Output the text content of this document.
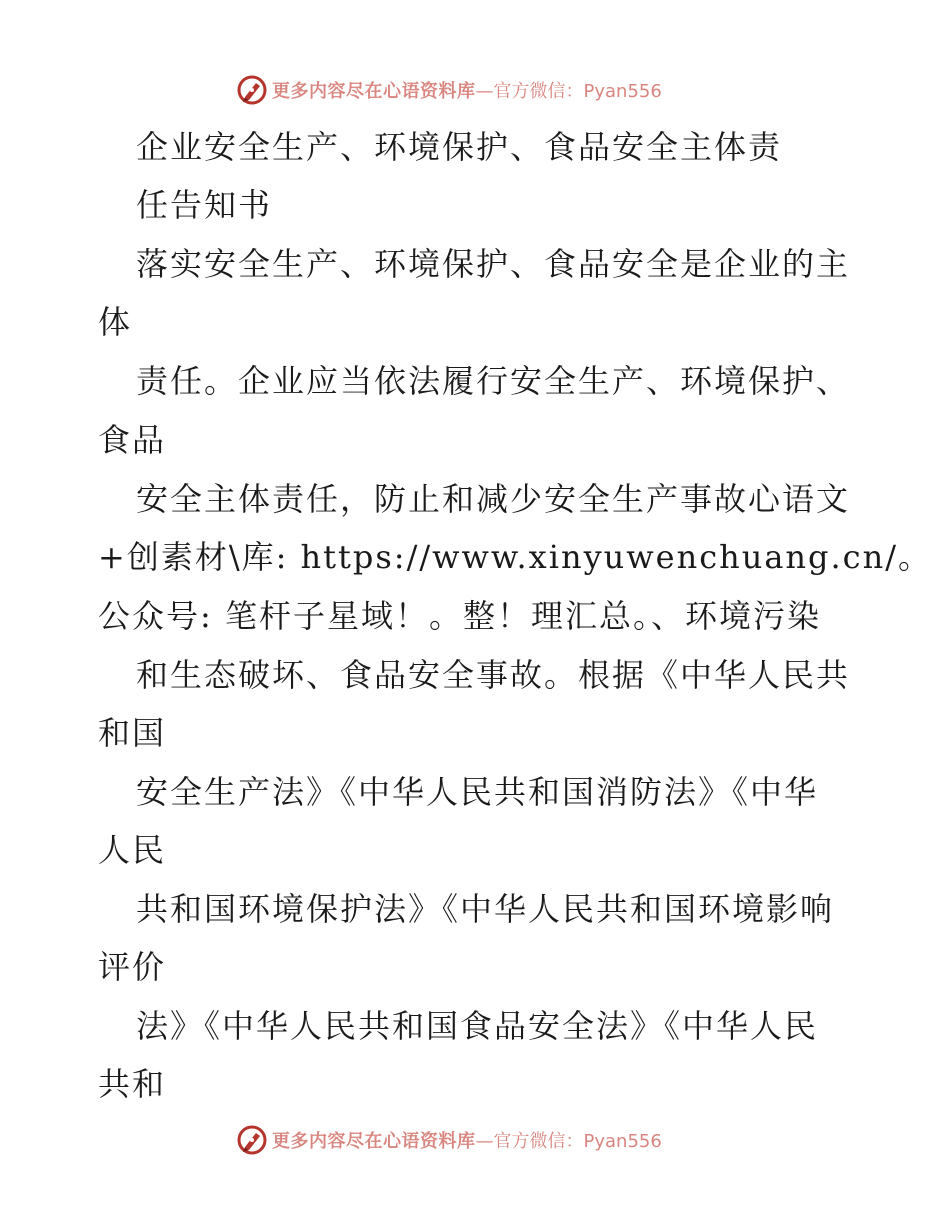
更多内容尽在心语资料库 —官方微信：Pyan556
企业安全生产、环境保护、食品安全主体责
任告知书
落实安全生产、环境保护、食品安全是企业的主
体
责任。企业应当依法履行安全生产、环境保护、
食品
安全主体责任，防止和减少安全生产事故心语文
+创素材\库: https://www.xinyuwenchuang.cn/。
公众号: 笔杆子星域！。整！理汇总。、环境污染
和生态破坏、食品安全事故。根据《中华人民共
和国
安全生产法》《中华人民共和国消防法》《中华
人民
共和国环境保护法》《中华人民共和国环境影响
评价
法》《中华人民共和国食品安全法》《中华人民
共和
更多内容尽在心语资料库 —官方微信：Pyan556
